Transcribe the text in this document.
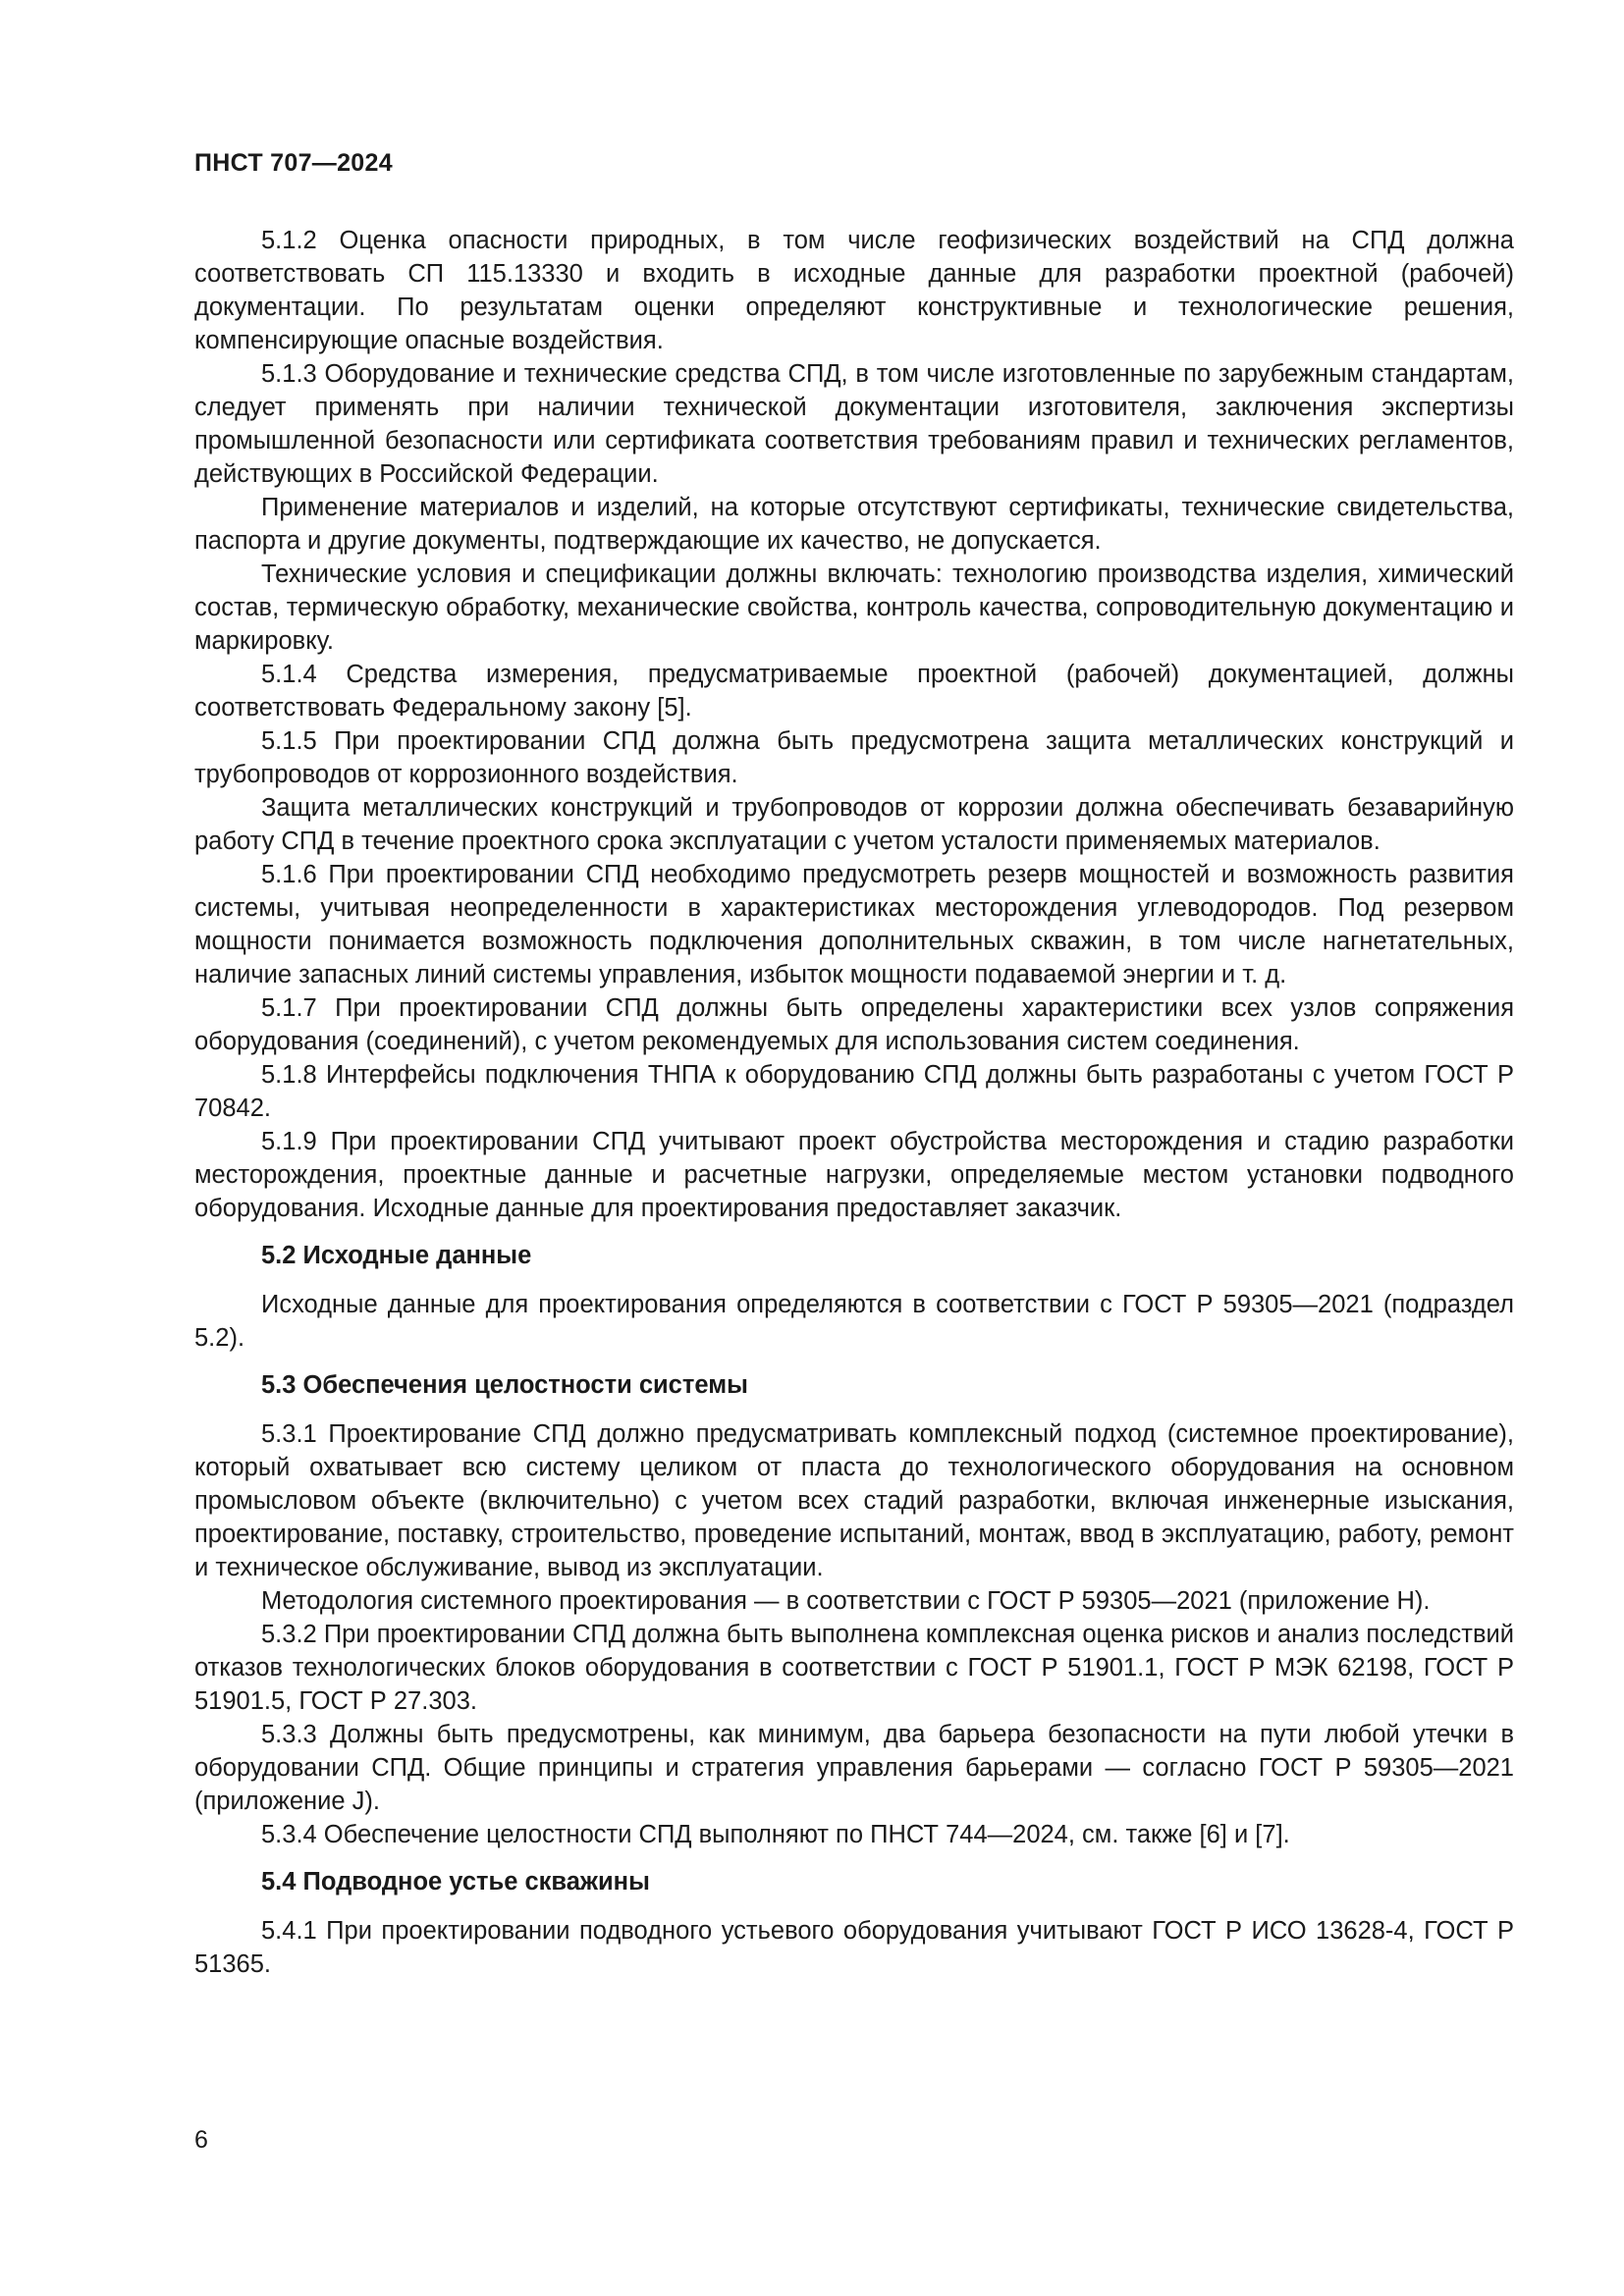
ПНСТ 707—2024

5.1.2 Оценка опасности природных, в том числе геофизических воздействий на СПД должна соответствовать СП 115.13330 и входить в исходные данные для разработки проектной (рабочей) документации. По результатам оценки определяют конструктивные и технологические решения, компенсирующие опасные воздействия.

5.1.3 Оборудование и технические средства СПД, в том числе изготовленные по зарубежным стандартам, следует применять при наличии технической документации изготовителя, заключения экспертизы промышленной безопасности или сертификата соответствия требованиям правил и технических регламентов, действующих в Российской Федерации.

Применение материалов и изделий, на которые отсутствуют сертификаты, технические свидетельства, паспорта и другие документы, подтверждающие их качество, не допускается.

Технические условия и спецификации должны включать: технологию производства изделия, химический состав, термическую обработку, механические свойства, контроль качества, сопроводительную документацию и маркировку.

5.1.4 Средства измерения, предусматриваемые проектной (рабочей) документацией, должны соответствовать Федеральному закону [5].

5.1.5 При проектировании СПД должна быть предусмотрена защита металлических конструкций и трубопроводов от коррозионного воздействия.

Защита металлических конструкций и трубопроводов от коррозии должна обеспечивать безаварийную работу СПД в течение проектного срока эксплуатации с учетом усталости применяемых материалов.

5.1.6 При проектировании СПД необходимо предусмотреть резерв мощностей и возможность развития системы, учитывая неопределенности в характеристиках месторождения углеводородов. Под резервом мощности понимается возможность подключения дополнительных скважин, в том числе нагнетательных, наличие запасных линий системы управления, избыток мощности подаваемой энергии и т. д.

5.1.7 При проектировании СПД должны быть определены характеристики всех узлов сопряжения оборудования (соединений), с учетом рекомендуемых для использования систем соединения.

5.1.8 Интерфейсы подключения ТНПА к оборудованию СПД должны быть разработаны с учетом ГОСТ Р 70842.

5.1.9 При проектировании СПД учитывают проект обустройства месторождения и стадию разработки месторождения, проектные данные и расчетные нагрузки, определяемые местом установки подводного оборудования. Исходные данные для проектирования предоставляет заказчик.

5.2 Исходные данные

Исходные данные для проектирования определяются в соответствии с ГОСТ Р 59305—2021 (подраздел 5.2).

5.3 Обеспечения целостности системы

5.3.1 Проектирование СПД должно предусматривать комплексный подход (системное проектирование), который охватывает всю систему целиком от пласта до технологического оборудования на основном промысловом объекте (включительно) с учетом всех стадий разработки, включая инженерные изыскания, проектирование, поставку, строительство, проведение испытаний, монтаж, ввод в эксплуатацию, работу, ремонт и техническое обслуживание, вывод из эксплуатации.

Методология системного проектирования — в соответствии с ГОСТ Р 59305—2021 (приложение Н).

5.3.2 При проектировании СПД должна быть выполнена комплексная оценка рисков и анализ последствий отказов технологических блоков оборудования в соответствии с ГОСТ Р 51901.1, ГОСТ Р МЭК 62198, ГОСТ Р 51901.5, ГОСТ Р 27.303.

5.3.3 Должны быть предусмотрены, как минимум, два барьера безопасности на пути любой утечки в оборудовании СПД. Общие принципы и стратегия управления барьерами — согласно ГОСТ Р 59305—2021 (приложение J).

5.3.4 Обеспечение целостности СПД выполняют по ПНСТ 744—2024, см. также [6] и [7].

5.4 Подводное устье скважины

5.4.1 При проектировании подводного устьевого оборудования учитывают ГОСТ Р ИСО 13628-4, ГОСТ Р 51365.

6
